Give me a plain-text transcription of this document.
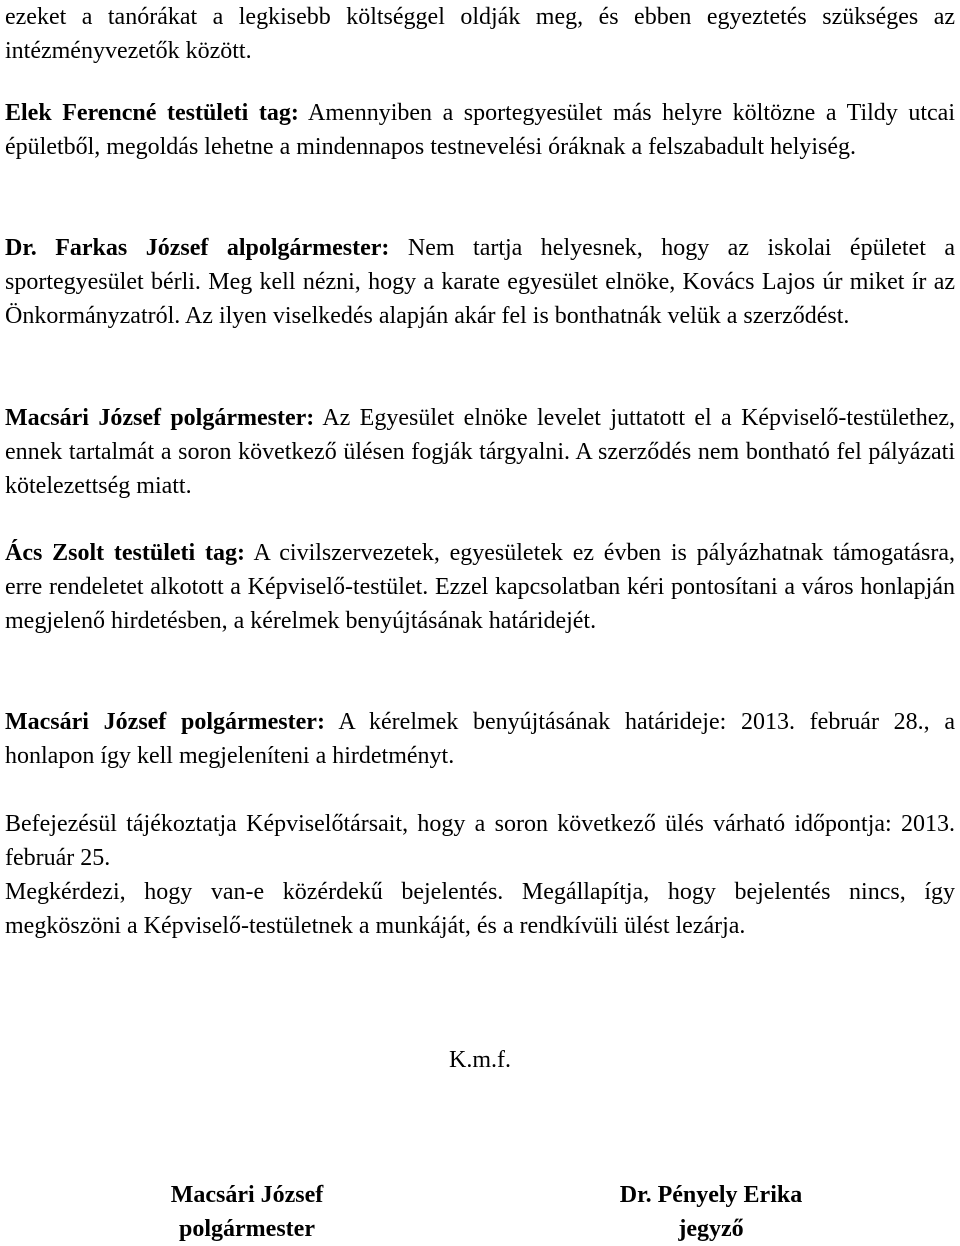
ezeket a tanórákat a legkisebb költséggel oldják meg, és ebben egyeztetés szükséges az intézményvezetők között.

Elek Ferencné testületi tag: Amennyiben a sportegyesület más helyre költözne a Tildy utcai épületből, megoldás lehetne a mindennapos testnevelési óráknak a felszabadult helyiség.

Dr. Farkas József alpolgármester: Nem tartja helyesnek, hogy az iskolai épületet a sportegyesület bérli. Meg kell nézni, hogy a karate egyesület elnöke, Kovács Lajos úr miket ír az Önkormányzatról. Az ilyen viselkedés alapján akár fel is bonthatnák velük a szerződést.

Macsári József polgármester: Az Egyesület elnöke levelet juttatott el a Képviselő-testülethez, ennek tartalmát a soron következő ülésen fogják tárgyalni. A szerződés nem bontható fel pályázati kötelezettség miatt.

Ács Zsolt testületi tag: A civilszervezetek, egyesületek ez évben is pályázhatnak támogatásra, erre rendeletet alkotott a Képviselő-testület. Ezzel kapcsolatban kéri pontosítani a város honlapján megjelenő hirdetésben, a kérelmek benyújtásának határidejét.

Macsári József polgármester: A kérelmek benyújtásának határideje: 2013. február 28., a honlapon így kell megjeleníteni a hirdetményt.

Befejezésül tájékoztatja Képviselőtársait, hogy a soron következő ülés várható időpontja: 2013. február 25.

Megkérdezi, hogy van-e közérdekű bejelentés. Megállapítja, hogy bejelentés nincs, így megköszöni a Képviselő-testületnek a munkáját, és a rendkívüli ülést lezárja.

K.m.f.

Macsári József
polgármester
Dr. Pényely Erika
jegyző
